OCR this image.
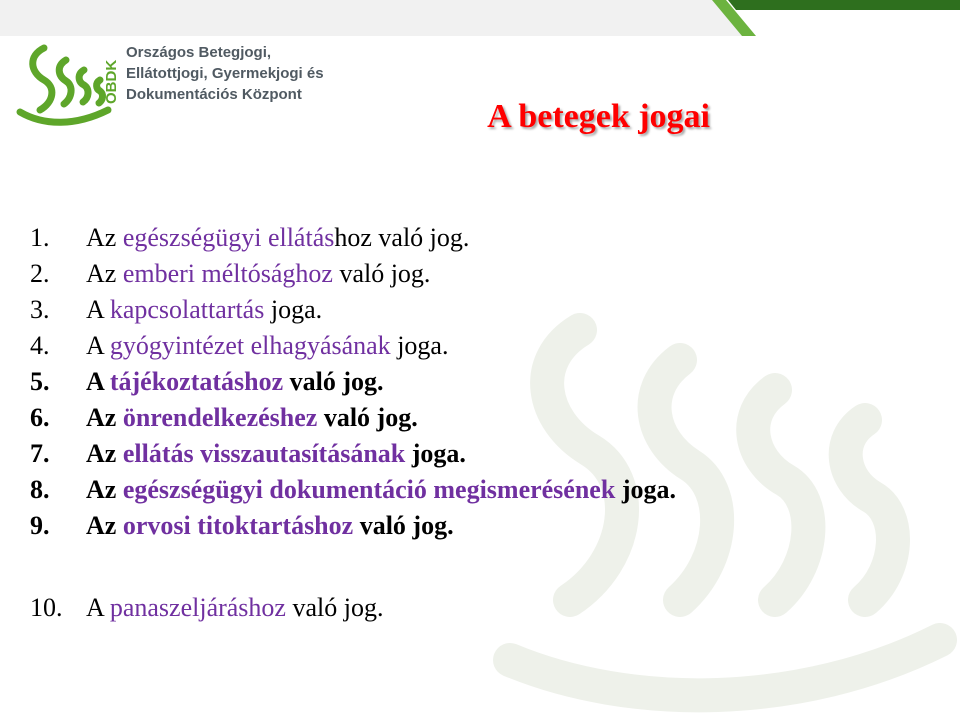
OBDK
Országos Betegjogi,
Ellátottjogi, Gyermekjogi és
Dokumentációs Központ
A betegek jogai
1. Az egészségügyi ellátáshoz való jog.
2. Az emberi méltósághoz való jog.
3. A kapcsolattartás joga.
4. A gyógyintézet elhagyásának joga.
5. A tájékoztatáshoz való jog.
6. Az önrendelkezéshez való jog.
7. Az ellátás visszautasításának joga.
8. Az egészségügyi dokumentáció megismerésének joga.
9. Az orvosi titoktartáshoz való jog.
10. A panaszeljáráshoz való jog.
